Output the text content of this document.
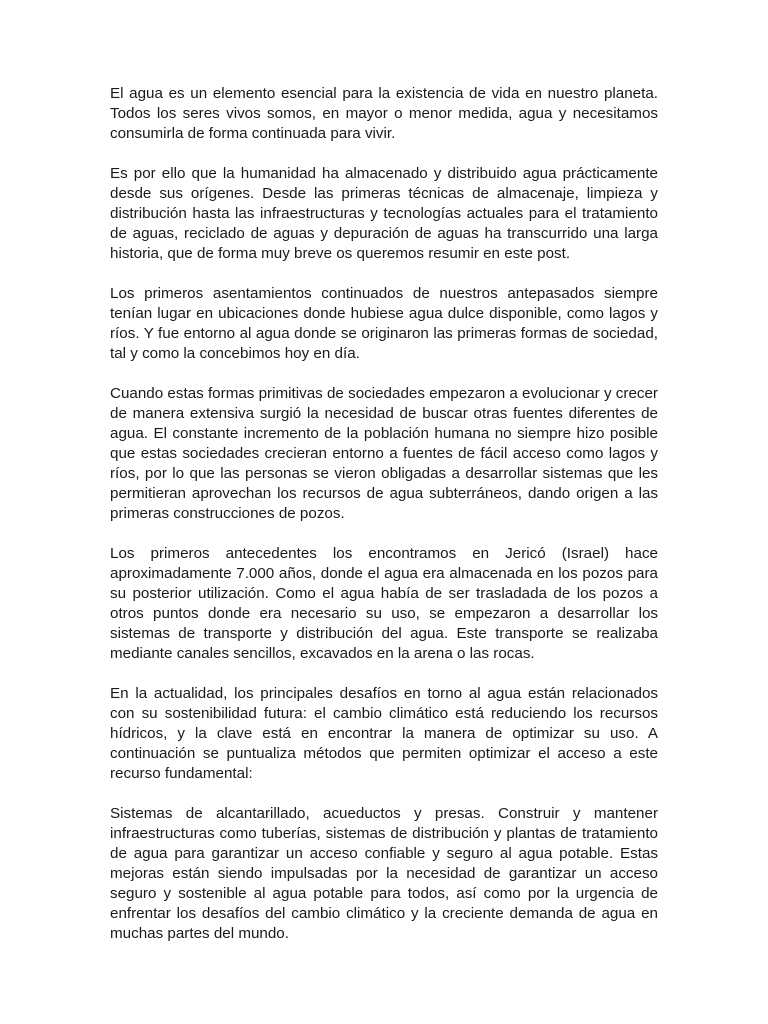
El agua es un elemento esencial para la existencia de vida en nuestro planeta. Todos los seres vivos somos, en mayor o menor medida, agua y necesitamos consumirla de forma continuada para vivir.

Es por ello que la humanidad ha almacenado y distribuido agua prácticamente desde sus orígenes. Desde las primeras técnicas de almacenaje, limpieza y distribución hasta las infraestructuras y tecnologías actuales para el tratamiento de aguas, reciclado de aguas y depuración de aguas ha transcurrido una larga historia, que de forma muy breve os queremos resumir en este post.

Los primeros asentamientos continuados de nuestros antepasados siempre tenían lugar en ubicaciones donde hubiese agua dulce disponible, como lagos y ríos. Y fue entorno al agua donde se originaron las primeras formas de sociedad, tal y como la concebimos hoy en día.

Cuando estas formas primitivas de sociedades empezaron a evolucionar y crecer de manera extensiva surgió la necesidad de buscar otras fuentes diferentes de agua. El constante incremento de la población humana no siempre hizo posible que estas sociedades crecieran entorno a fuentes de fácil acceso como lagos y ríos, por lo que las personas se vieron obligadas a desarrollar sistemas que les permitieran aprovechan los recursos de agua subterráneos, dando origen a las primeras construcciones de pozos.

Los primeros antecedentes los encontramos en Jericó (Israel) hace aproximadamente 7.000 años, donde el agua era almacenada en los pozos para su posterior utilización. Como el agua había de ser trasladada de los pozos a otros puntos donde era necesario su uso, se empezaron a desarrollar los sistemas de transporte y distribución del agua. Este transporte se realizaba mediante canales sencillos, excavados en la arena o las rocas.

En la actualidad, los principales desafíos en torno al agua están relacionados con su sostenibilidad futura: el cambio climático está reduciendo los recursos hídricos, y la clave está en encontrar la manera de optimizar su uso. A continuación se puntualiza métodos que permiten optimizar el acceso a este recurso fundamental:

Sistemas de alcantarillado, acueductos y presas. Construir y mantener infraestructuras como tuberías, sistemas de distribución y plantas de tratamiento de agua para garantizar un acceso confiable y seguro al agua potable. Estas mejoras están siendo impulsadas por la necesidad de garantizar un acceso seguro y sostenible al agua potable para todos, así como por la urgencia de enfrentar los desafíos del cambio climático y la creciente demanda de agua en muchas partes del mundo.
